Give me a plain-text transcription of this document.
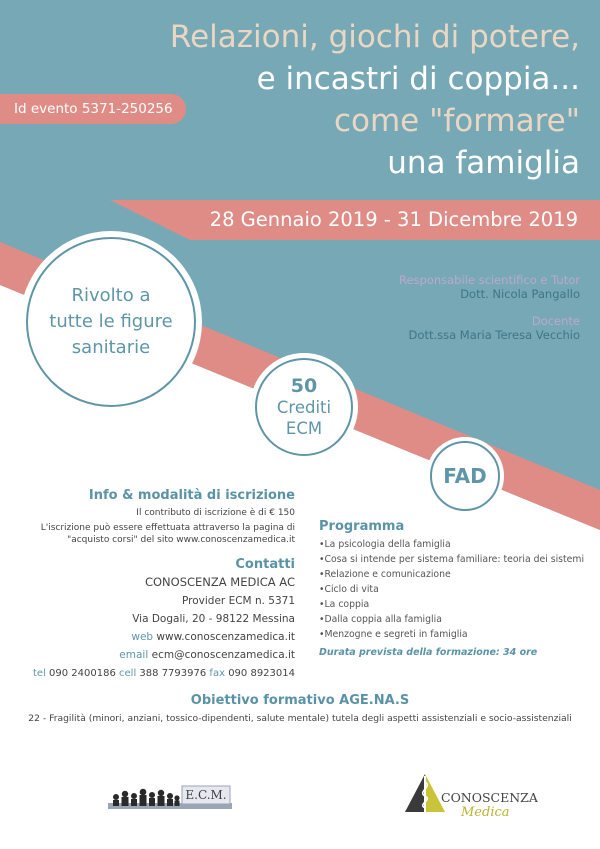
Id evento 5371-250256
Relazioni, giochi di potere,
e incastri di coppia...
come "formare"
una famiglia
28 Gennaio 2019 - 31 Dicembre 2019
Rivolto a
tutte le figure
sanitarie
50
Crediti
ECM
FAD
Responsabile scientifico e Tutor
Dott. Nicola Pangallo
Docente
Dott.ssa Maria Teresa Vecchio
Info & modalità di iscrizione
Il contributo di iscrizione è di € 150
L'iscrizione può essere effettuata attraverso la pagina di
"acquisto corsi" del sito www.conoscenzamedica.it
Contatti
CONOSCENZA MEDICA AC
Provider ECM n. 5371
Via Dogali, 20 - 98122 Messina
web www.conoscenzamedica.it
email ecm@conoscenzamedica.it
tel 090 2400186 cell 388 7793976 fax 090 8923014
Programma
• La psicologia della famiglia
• Cosa si intende per sistema familiare: teoria dei sistemi
• Relazione e comunicazione
• Ciclo di vita
• La coppia
• Dalla coppia alla famiglia
• Menzogne e segreti in famiglia
Durata prevista della formazione: 34 ore
Obiettivo formativo AGE.NA.S
22 - Fragilità (minori, anziani, tossico-dipendenti, salute mentale) tutela degli aspetti assistenziali e socio-assistenziali
E.C.M.	CONOSCENZA
Medica
